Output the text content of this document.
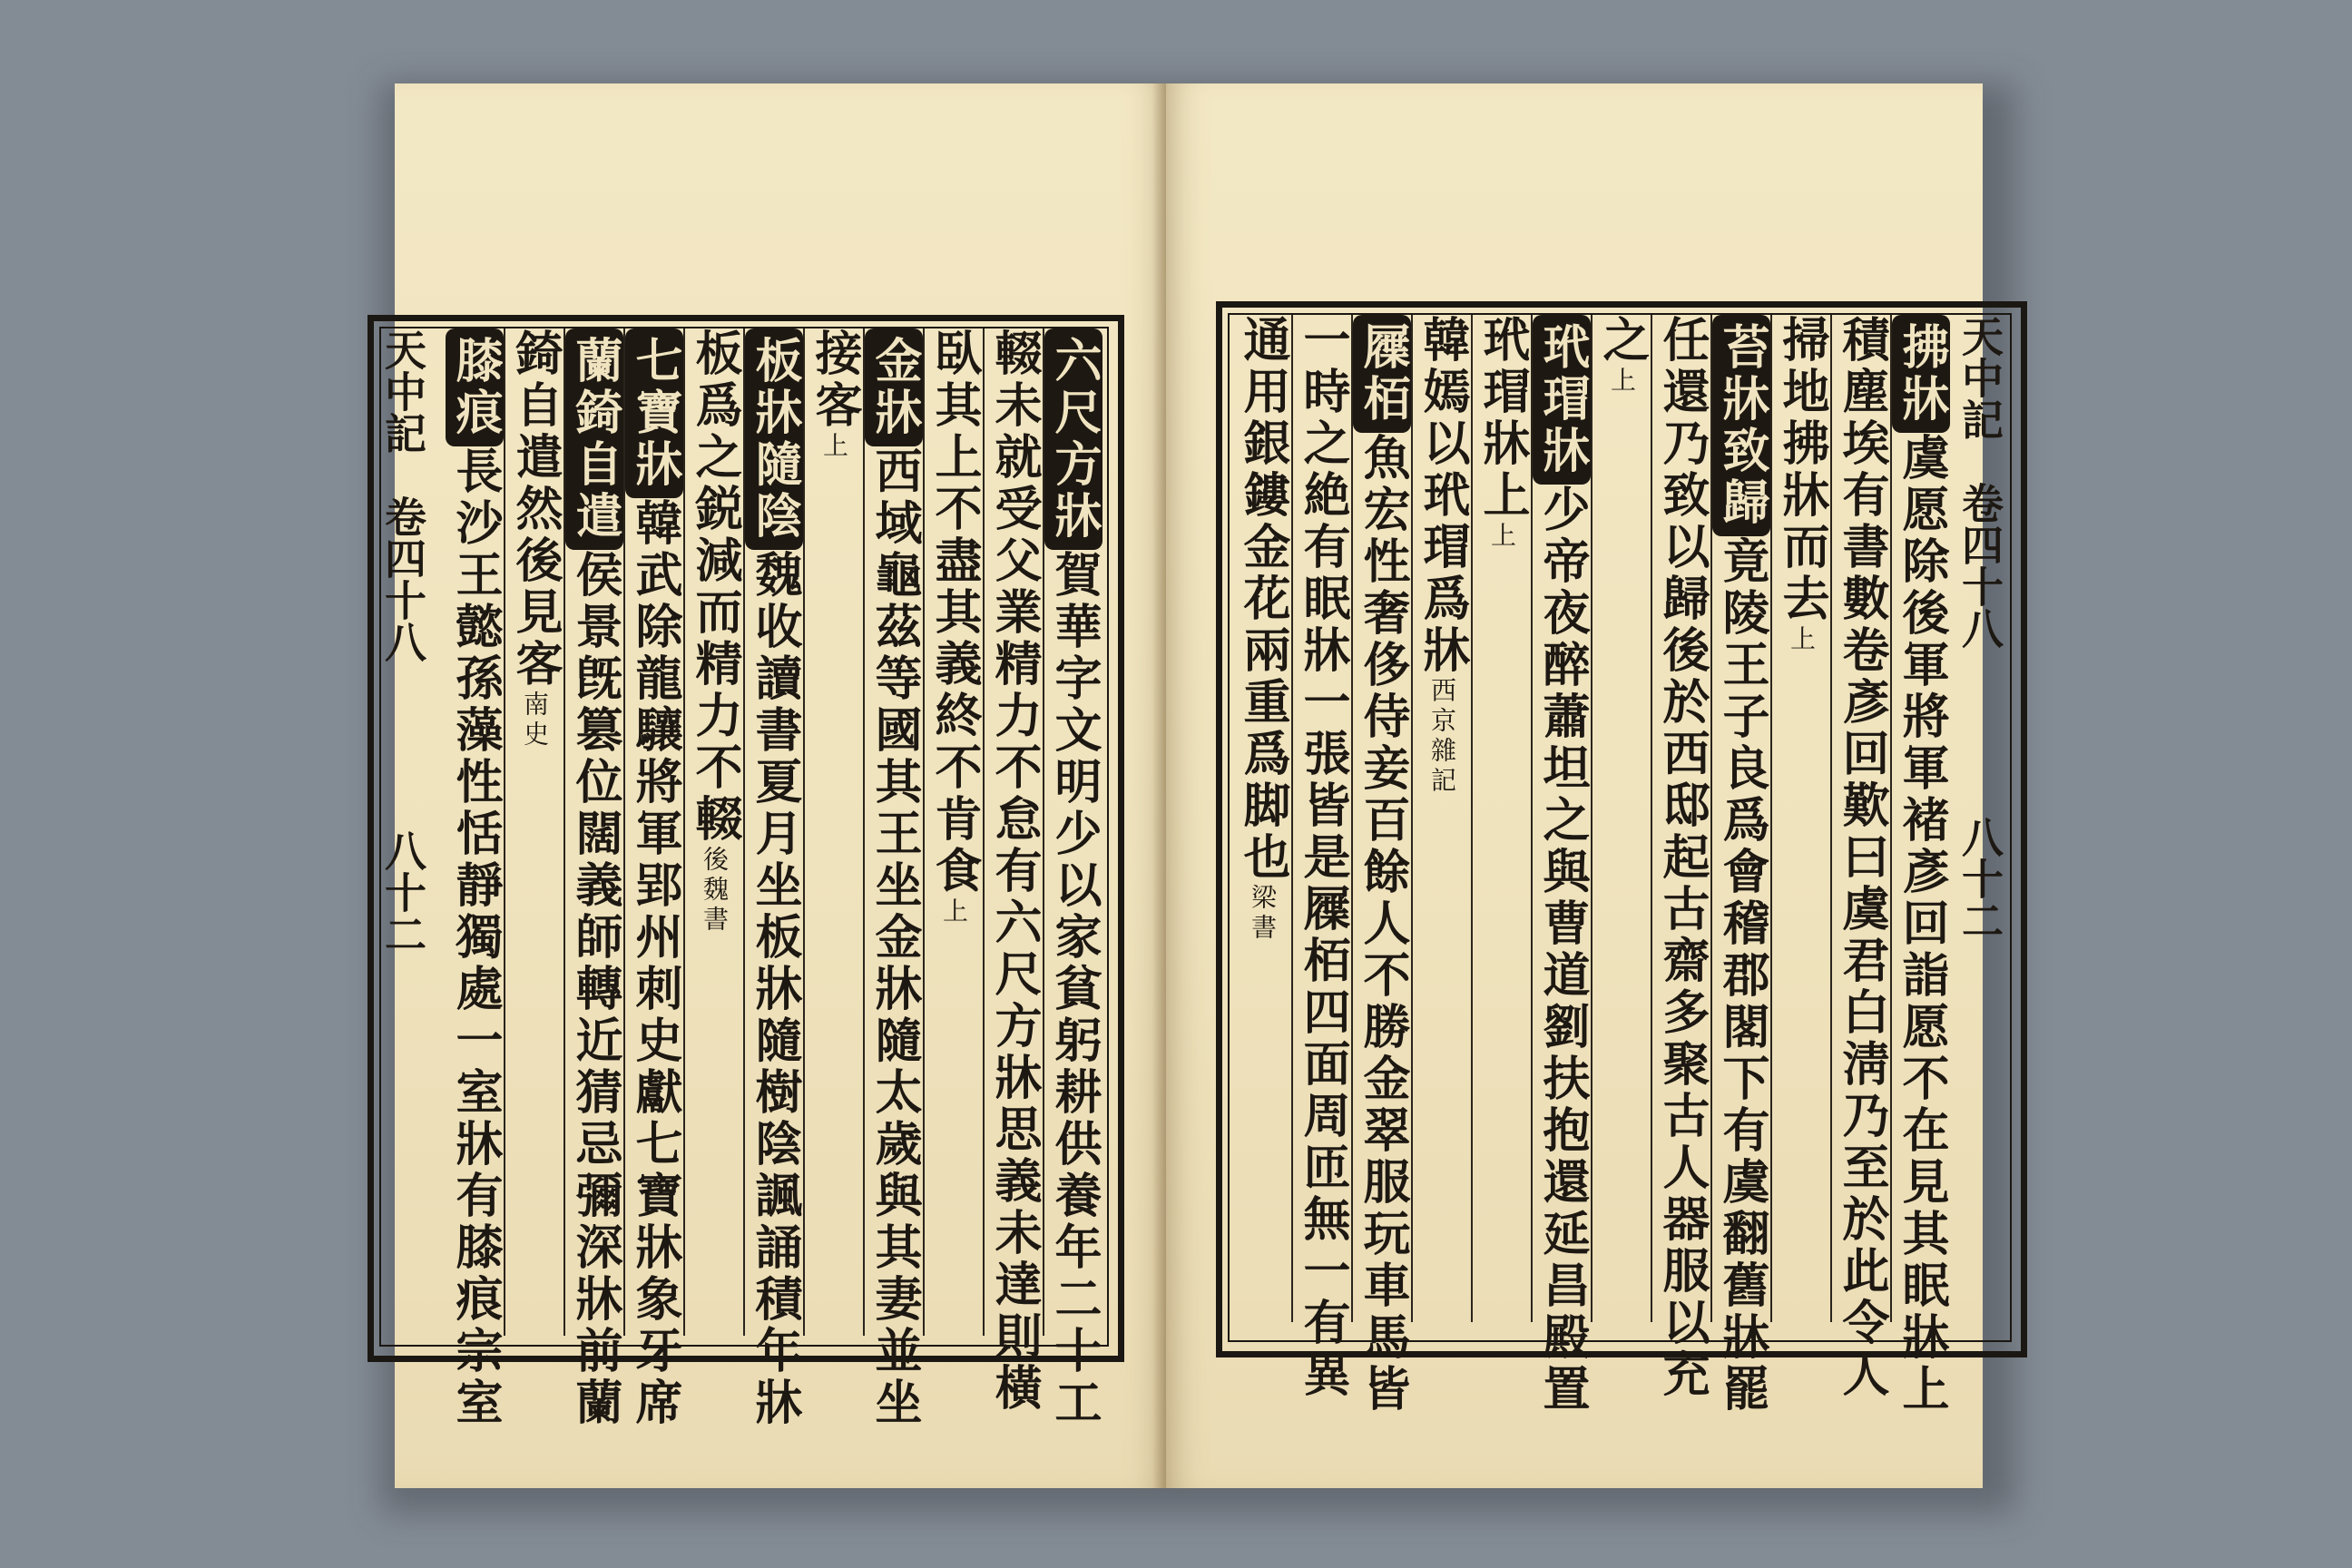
六尺方牀賀華字文明少以家貧躬耕供養年二十工
輟未就受父業精力不怠有六尺方牀思義未達則橫
臥其上不盡其義終不肯食上
金牀西域龜茲等國其王坐金牀隨太歲與其妻並坐
接客上
板牀隨陰魏收讀書夏月坐板牀隨樹陰諷誦積年牀
板爲之鋭減而精力不輟後魏書
七寶牀韓武除龍驤將軍郢州刺史獻七寶牀象牙席
蘭錡自遣侯景旣篡位闊義師轉近猜忌彌深牀前蘭
錡自遣然後見客南史
膝痕長沙王懿孫藻性恬靜獨處一室牀有膝痕宗室
天中記　卷四十八　　　　八十二
拂牀虞愿除後軍將軍褚彥回詣愿不在見其眠牀上
積塵埃有書數卷彥回歎曰虞君白淸乃至於此令人
掃地拂牀而去上
苔牀致歸竟陵王子良爲會稽郡閣下有虞翻舊牀罷
任還乃致以歸後於西邸起古齋多聚古人器服以充
之上
玳瑁牀少帝夜醉蕭坦之與曹道劉扶抱還延昌殿置
玳瑁牀上上
韓嫣以玳瑁爲牀西京雜記
屧栢魚宏性奢侈侍妾百餘人不勝金翠服玩車馬皆
一時之絶有眠牀一張皆是屧栢四面周匝無一有異
通用銀鏤金花兩重爲脚也梁書
天中記　卷四十八　　　　八十二
